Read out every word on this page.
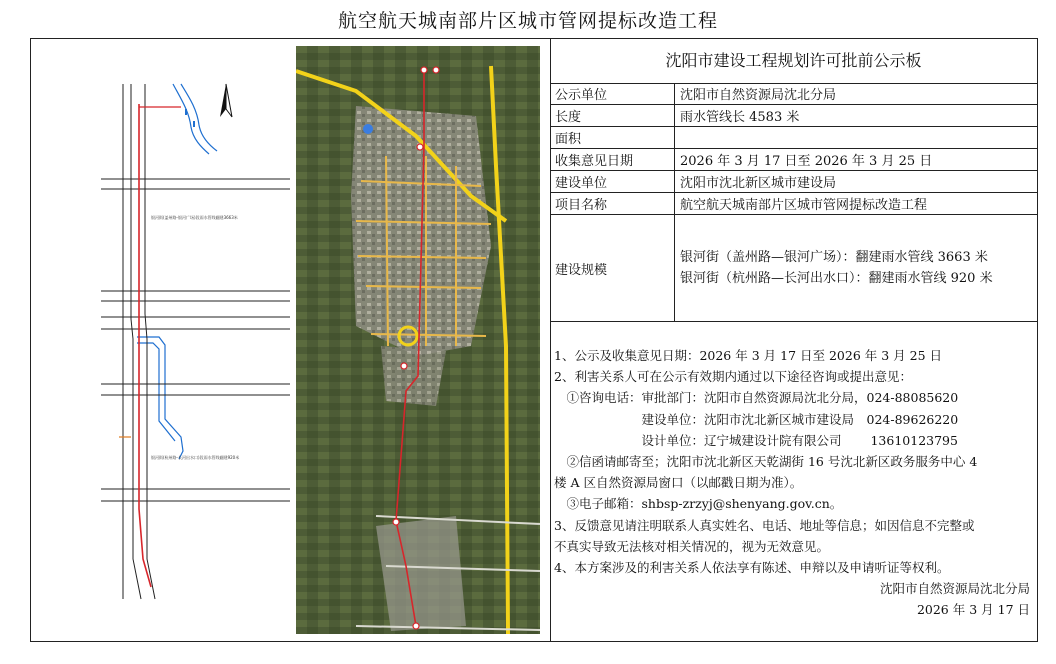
航空航天城南部片区城市管网提标改造工程
银河街(盖州路-银河广场)段雨水管线翻建3663米
银河街(杭州路-长河出水口)段雨水管线翻建920米
沈阳市建设工程规划许可批前公示板
公示单位	沈阳市自然资源局沈北分局
长度	雨水管线长 4583 米
面积	
收集意见日期	2026 年 3 月 17 日至 2026 年 3 月 25 日
建设单位	沈阳市沈北新区城市建设局
项目名称	航空航天城南部片区城市管网提标改造工程
建设规模	银河街（盖州路—银河广场）：翻建雨水管线 3663 米
银河街（杭州路—长河出水口）：翻建雨水管线 920 米
1、公示及收集意见日期：2026 年 3 月 17 日至 2026 年 3 月 25 日
2、利害关系人可在公示有效期内通过以下途径咨询或提出意见：
　①咨询电话：审批部门：沈阳市自然资源局沈北分局，024-88085620
　　　　　　　建设单位：沈阳市沈北新区城市建设局　024-89626220
　　　　　　　设计单位：辽宁城建设计院有限公司　　 13610123795
　②信函请邮寄至；沈阳市沈北新区天乾湖街 16 号沈北新区政务服务中心 4
楼 A 区自然资源局窗口（以邮戳日期为准）。
　③电子邮箱：shbsp-zrzyj@shenyang.gov.cn。
3、反馈意见请注明联系人真实姓名、电话、地址等信息；如因信息不完整或
不真实导致无法核对相关情况的，视为无效意见。
4、本方案涉及的利害关系人依法享有陈述、申辩以及申请听证等权利。
沈阳市自然资源局沈北分局
2026 年 3 月 17 日
